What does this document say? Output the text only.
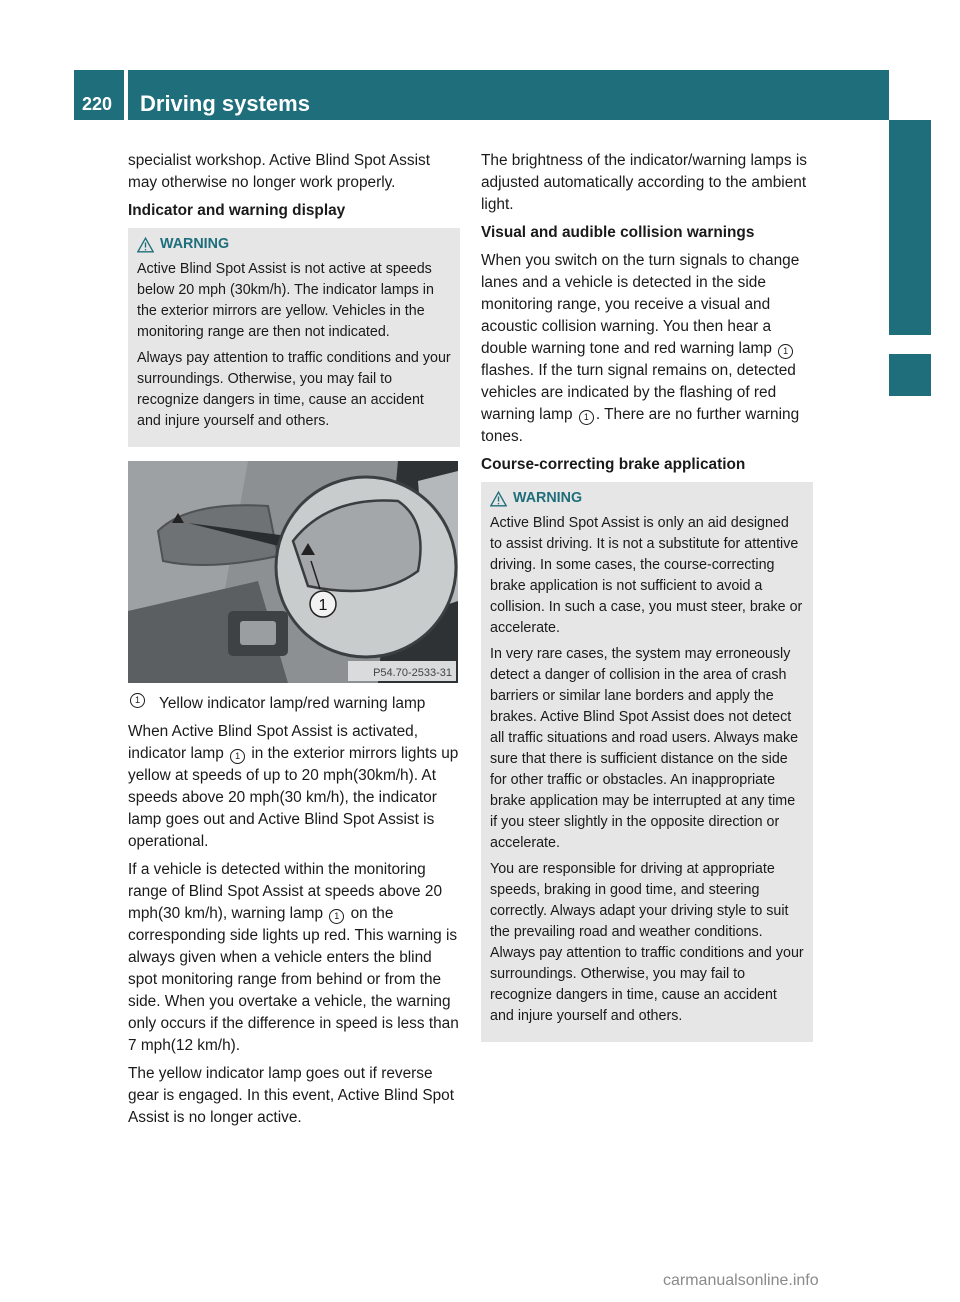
220 Driving systems
Driving and parking

specialist workshop. Active Blind Spot Assist may otherwise no longer work properly.

Indicator and warning display
WARNING

Active Blind Spot Assist is not active at speeds below 20 mph (30km/h). The indicator lamps in the exterior mirrors are yellow. Vehicles in the monitoring range are then not indicated.

Always pay attention to traffic conditions and your surroundings. Otherwise, you may fail to recognize dangers in time, cause an accident and injure yourself and others.

1
P54.70-2533-31

1	Yellow indicator lamp/red warning lamp

When Active Blind Spot Assist is activated, indicator lamp 1 in the exterior mirrors lights up yellow at speeds of up to 20 mph(30km/h). At speeds above 20 mph(30 km/h), the indicator lamp goes out and Active Blind Spot Assist is operational.

If a vehicle is detected within the monitoring range of Blind Spot Assist at speeds above 20 mph(30 km/h), warning lamp 1 on the corresponding side lights up red. This warning is always given when a vehicle enters the blind spot monitoring range from behind or from the side. When you overtake a vehicle, the warning only occurs if the difference in speed is less than 7 mph(12 km/h).

The yellow indicator lamp goes out if reverse gear is engaged. In this event, Active Blind Spot Assist is no longer active.

The brightness of the indicator/warning lamps is adjusted automatically according to the ambient light.

Visual and audible collision warnings

When you switch on the turn signals to change lanes and a vehicle is detected in the side monitoring range, you receive a visual and acoustic collision warning. You then hear a double warning tone and red warning lamp 1 flashes. If the turn signal remains on, detected vehicles are indicated by the flashing of red warning lamp 1 . There are no further warning tones.

Course-correcting brake application
WARNING

Active Blind Spot Assist is only an aid designed to assist driving. It is not a substitute for attentive driving. In some cases, the course-correcting brake application is not sufficient to avoid a collision. In such a case, you must steer, brake or accelerate.

In very rare cases, the system may erroneously detect a danger of collision in the area of crash barriers or similar lane borders and apply the brakes. Active Blind Spot Assist does not detect all traffic situations and road users. Always make sure that there is sufficient distance on the side for other traffic or obstacles. An inappropriate brake application may be interrupted at any time if you steer slightly in the opposite direction or accelerate.

You are responsible for driving at appropriate speeds, braking in good time, and steering correctly. Always adapt your driving style to suit the prevailing road and weather conditions. Always pay attention to traffic conditions and your surroundings. Otherwise, you may fail to recognize dangers in time, cause an accident and injure yourself and others.

carmanualsonline.info
